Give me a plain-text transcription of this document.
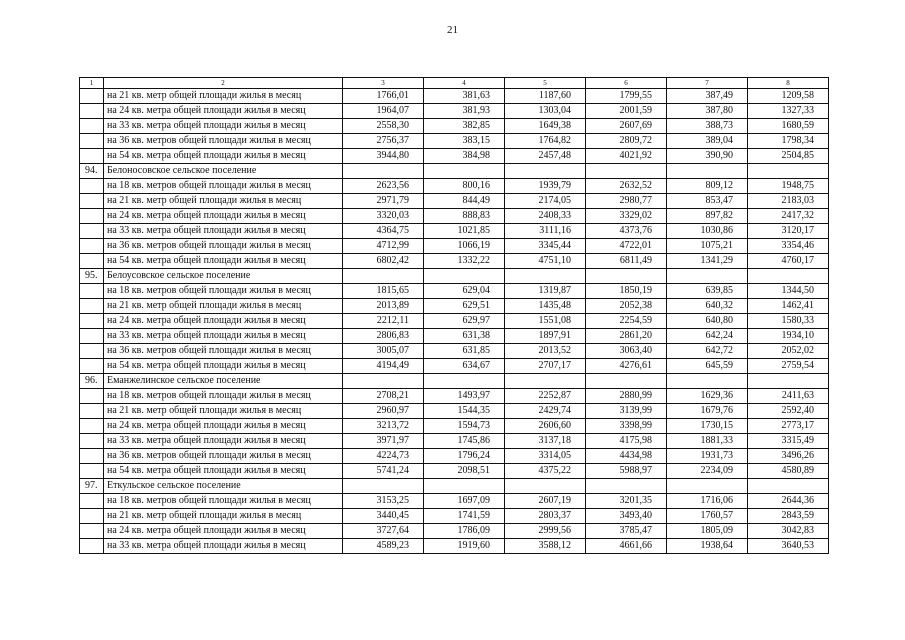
21
1	2	3	4	5	6	7	8
	на 21 кв. метр общей площади жилья в месяц	1766,01	381,63	1187,60	1799,55	387,49	1209,58
	на 24 кв. метра общей площади жилья в месяц	1964,07	381,93	1303,04	2001,59	387,80	1327,33
	на 33 кв. метра общей площади жилья в месяц	2558,30	382,85	1649,38	2607,69	388,73	1680,59
	на 36 кв. метров общей площади жилья в месяц	2756,37	383,15	1764,82	2809,72	389,04	1798,34
	на 54 кв. метра общей площади жилья в месяц	3944,80	384,98	2457,48	4021,92	390,90	2504,85
94.	Белоносовское сельское поселение						
	на 18 кв. метров общей площади жилья в месяц	2623,56	800,16	1939,79	2632,52	809,12	1948,75
	на 21 кв. метр общей площади жилья в месяц	2971,79	844,49	2174,05	2980,77	853,47	2183,03
	на 24 кв. метра общей площади жилья в месяц	3320,03	888,83	2408,33	3329,02	897,82	2417,32
	на 33 кв. метра общей площади жилья в месяц	4364,75	1021,85	3111,16	4373,76	1030,86	3120,17
	на 36 кв. метров общей площади жилья в месяц	4712,99	1066,19	3345,44	4722,01	1075,21	3354,46
	на 54 кв. метра общей площади жилья в месяц	6802,42	1332,22	4751,10	6811,49	1341,29	4760,17
95.	Белоусовское сельское поселение						
	на 18 кв. метров общей площади жилья в месяц	1815,65	629,04	1319,87	1850,19	639,85	1344,50
	на 21 кв. метр общей площади жилья в месяц	2013,89	629,51	1435,48	2052,38	640,32	1462,41
	на 24 кв. метра общей площади жилья в месяц	2212,11	629,97	1551,08	2254,59	640,80	1580,33
	на 33 кв. метра общей площади жилья в месяц	2806,83	631,38	1897,91	2861,20	642,24	1934,10
	на 36 кв. метров общей площади жилья в месяц	3005,07	631,85	2013,52	3063,40	642,72	2052,02
	на 54 кв. метра общей площади жилья в месяц	4194,49	634,67	2707,17	4276,61	645,59	2759,54
96.	Еманжелинское сельское поселение						
	на 18 кв. метров общей площади жилья в месяц	2708,21	1493,97	2252,87	2880,99	1629,36	2411,63
	на 21 кв. метр общей площади жилья в месяц	2960,97	1544,35	2429,74	3139,99	1679,76	2592,40
	на 24 кв. метра общей площади жилья в месяц	3213,72	1594,73	2606,60	3398,99	1730,15	2773,17
	на 33 кв. метра общей площади жилья в месяц	3971,97	1745,86	3137,18	4175,98	1881,33	3315,49
	на 36 кв. метров общей площади жилья в месяц	4224,73	1796,24	3314,05	4434,98	1931,73	3496,26
	на 54 кв. метра общей площади жилья в месяц	5741,24	2098,51	4375,22	5988,97	2234,09	4580,89
97.	Еткульское сельское поселение						
	на 18 кв. метров общей площади жилья в месяц	3153,25	1697,09	2607,19	3201,35	1716,06	2644,36
	на 21 кв. метр общей площади жилья в месяц	3440,45	1741,59	2803,37	3493,40	1760,57	2843,59
	на 24 кв. метра общей площади жилья в месяц	3727,64	1786,09	2999,56	3785,47	1805,09	3042,83
	на 33 кв. метра общей площади жилья в месяц	4589,23	1919,60	3588,12	4661,66	1938,64	3640,53
